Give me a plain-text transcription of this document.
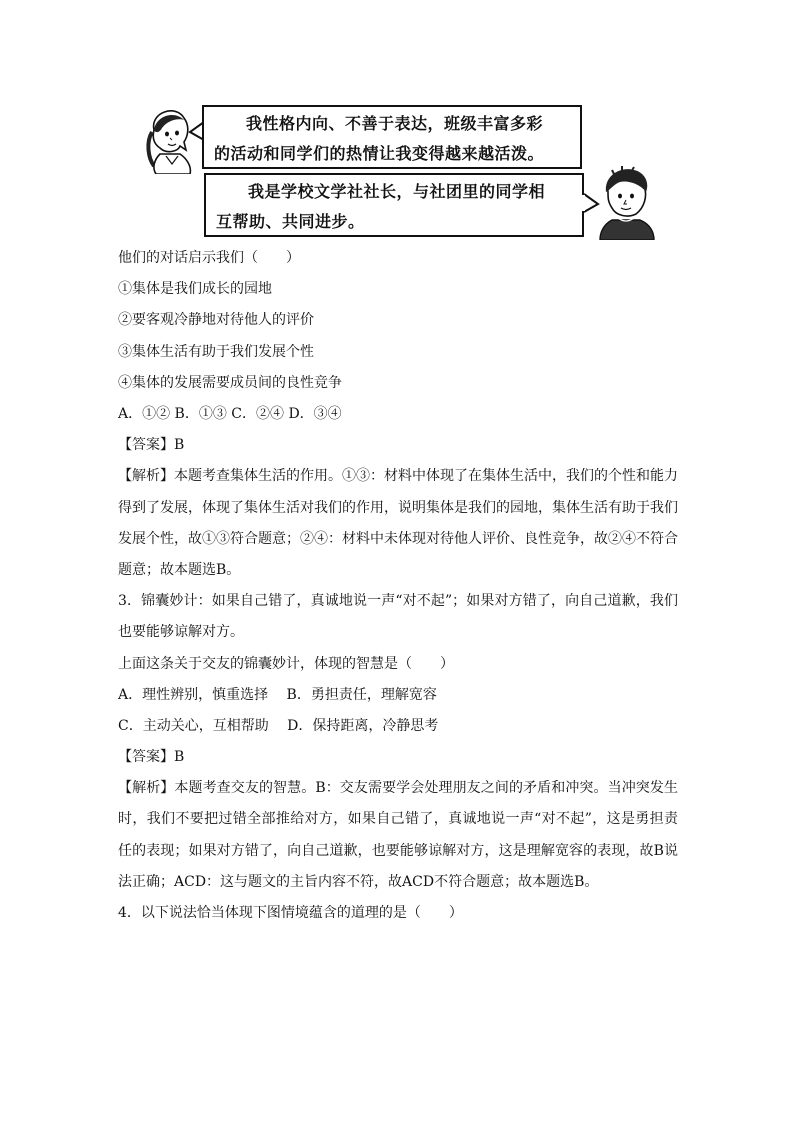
我性格内向、不善于表达，班级丰富多彩
的活动和同学们的热情让我变得越来越活泼。
我是学校文学社社长，与社团里的同学相
互帮助、共同进步。
他们的对话启示我们（　　）
①集体是我们成长的园地
②要客观冷静地对待他人的评价
③集体生活有助于我们发展个性
④集体的发展需要成员间的良性竞争
A．①② B．①③ C．②④ D．③④
【答案】B
【解析】本题考查集体生活的作用。①③：材料中体现了在集体生活中，我们的个性和能力得到了发展，体现了集体生活对我们的作用，说明集体是我们的园地，集体生活有助于我们发展个性，故①③符合题意；②④：材料中未体现对待他人评价、良性竞争，故②④不符合题意；故本题选B。
3．锦囊妙计：如果自己错了，真诚地说一声“对不起”；如果对方错了，向自己道歉，我们也要能够谅解对方。
上面这条关于交友的锦囊妙计，体现的智慧是（　　）
A．理性辨别，慎重选择　 B．勇担责任，理解宽容
C．主动关心，互相帮助　 D．保持距离，冷静思考
【答案】B
【解析】本题考查交友的智慧。B：交友需要学会处理朋友之间的矛盾和冲突。当冲突发生时，我们不要把过错全部推给对方，如果自己错了，真诚地说一声“对不起”，这是勇担责任的表现；如果对方错了，向自己道歉，也要能够谅解对方，这是理解宽容的表现，故B说法正确；ACD：这与题文的主旨内容不符，故ACD不符合题意；故本题选B。
4．以下说法恰当体现下图情境蕴含的道理的是（　　）
